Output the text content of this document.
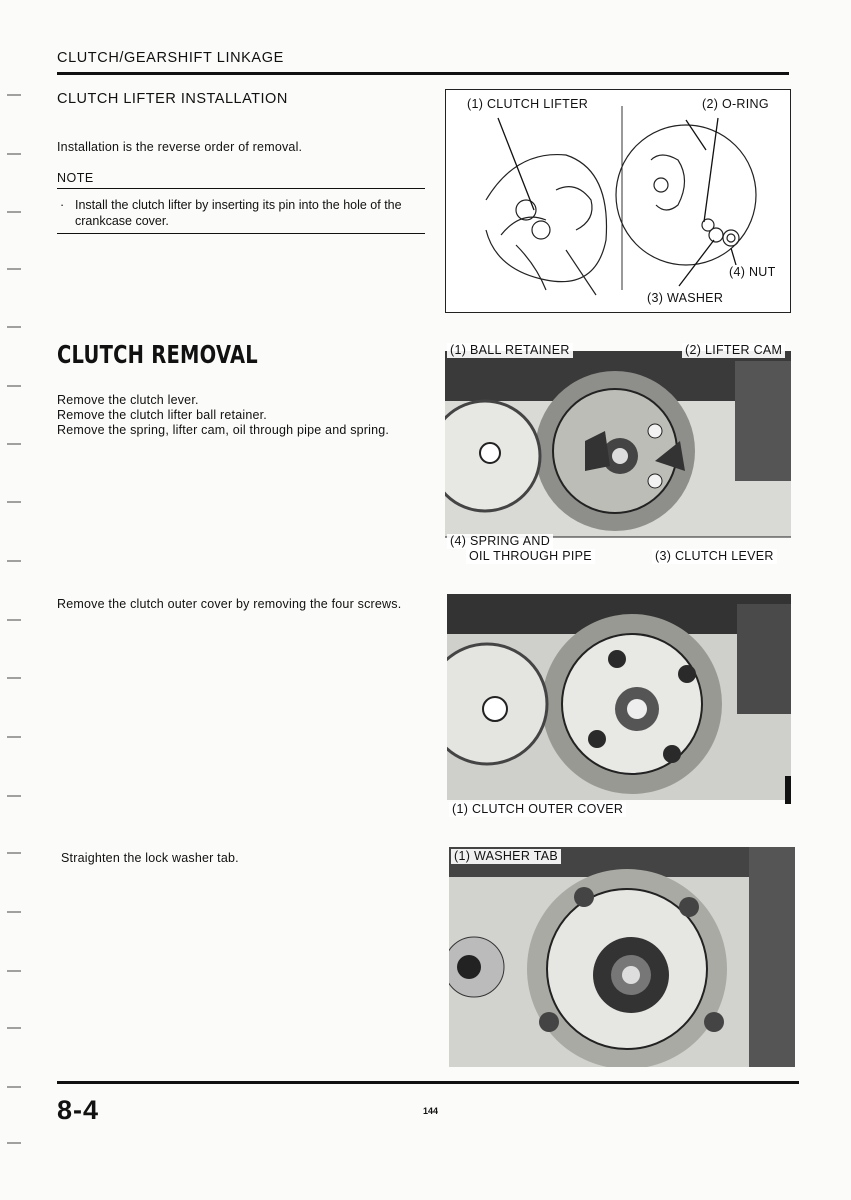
CLUTCH/GEARSHIFT LINKAGE
CLUTCH LIFTER INSTALLATION
Installation is the reverse order of removal.
NOTE
· Install the clutch lifter by inserting its pin into the hole of the crankcase cover.
(1) CLUTCH LIFTER	(2) O-RING
(3) WASHER
(4) NUT
CLUTCH REMOVAL
Remove the clutch lever.
Remove the clutch lifter ball retainer.
Remove the spring, lifter cam, oil through pipe and spring.
(1) BALL RETAINER	(2) LIFTER CAM
(4) SPRING AND
OIL THROUGH PIPE	(3) CLUTCH LEVER
Remove the clutch outer cover by removing the four screws.
(1) CLUTCH OUTER COVER
Straighten the lock washer tab.	(1) WASHER TAB
8-4	144
